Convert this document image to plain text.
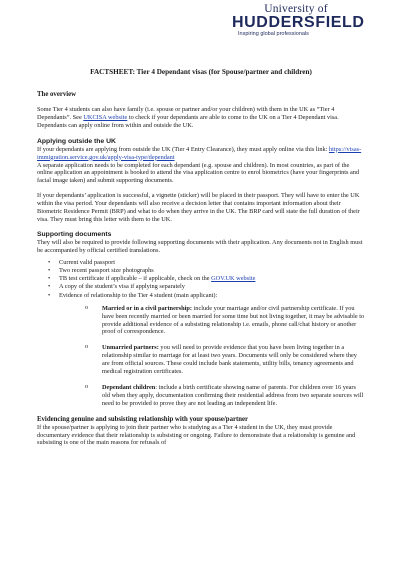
University of
HUDDERSFIELD
Inspiring global professionals
FACTSHEET: Tier 4 Dependant visas (for Spouse/partner and children)
The overview

Some Tier 4 students can also have family (i.e. spouse or partner and/or your children) with them in the UK as “Tier 4 Dependants”. See UKCISA website to check if your dependants are able to come to the UK on a Tier 4 Dependant visa. Dependants can apply online from within and outside the UK.

Applying outside the UK

If your dependants are applying from outside the UK (Tier 4 Entry Clearance), they must apply online via this link: https://visas-immigration.service.gov.uk/apply-visa-type/dependant
A separate application needs to be completed for each dependant (e.g. spouse and children). In most countries, as part of the online application an appointment is booked to attend the visa application centre to enrol biometrics (have your fingerprints and facial image taken) and submit supporting documents.

If your dependants’ application is successful, a vignette (sticker) will be placed in their passport. They will have to enter the UK within the visa period. Your dependants will also receive a decision letter that contains important information about their Biometric Residence Permit (BRP) and what to do when they arrive in the UK. The BRP card will state the full duration of their visa. They must bring this letter with them to the UK.

Supporting documents

They will also be required to provide following supporting documents with their application. Any documents not in English must be accompanied by official certified translations.

• Current valid passport
• Two recent passport size photographs
• TB test certificate if applicable – if applicable, check on the GOV.UK website
• A copy of the student’s visa if applying separately
• Evidence of relationship to the Tier 4 student (main applicant):
o Married or in a civil partnership: include your marriage and/or civil partnership certificate. If you have been recently married or been married for some time but not living together, it may be advisable to provide additional evidence of a subsisting relationship i.e. emails, phone call/chat history or another proof of correspondence.
o Unmarried partners: you will need to provide evidence that you have been living together in a relationship similar to marriage for at least two years. Documents will only be considered where they are from official sources. These could include bank statements, utility bills, tenancy agreements and medical registration certificates.
o Dependant children: include a birth certificate showing name of parents. For children over 16 years old when they apply, documentation confirming their residential address from two separate sources will need to be provided to prove they are not leading an independent life.
Evidencing genuine and subsisting relationship with your spouse/partner

If the spouse/partner is applying to join their partner who is studying as a Tier 4 student in the UK, they must provide documentary evidence that their relationship is subsisting or ongoing. Failure to demonstrate that a relationship is genuine and subsisting is one of the main reasons for refusals of
